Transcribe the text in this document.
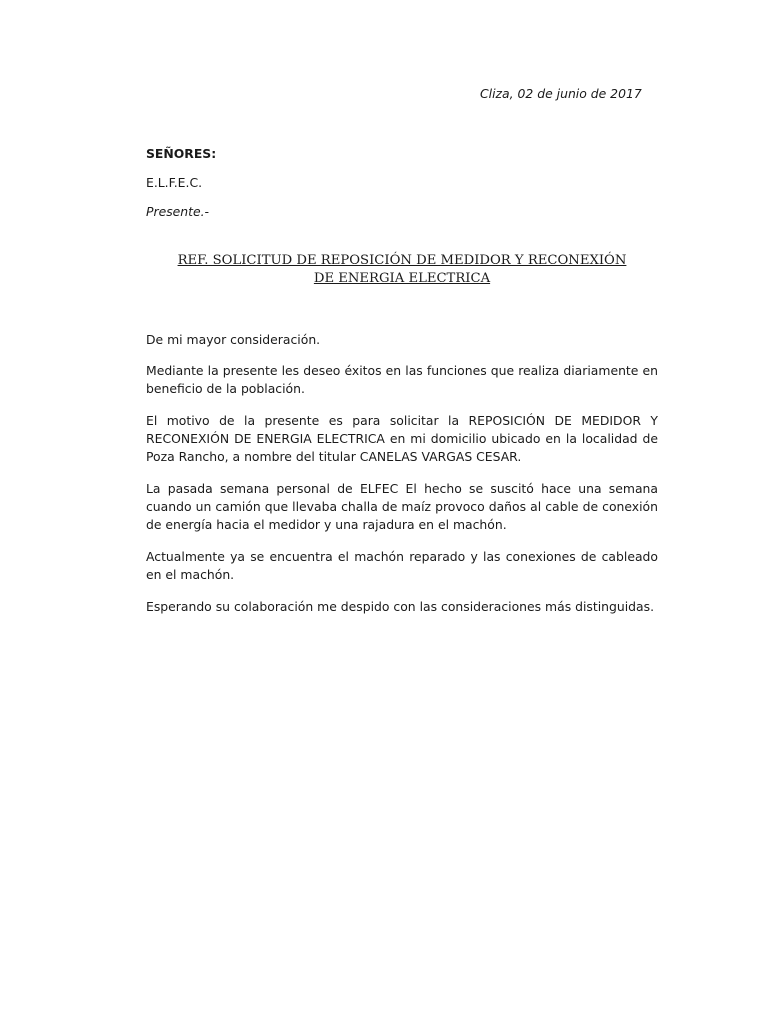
Cliza, 02 de junio de 2017
SEÑORES:
E.L.F.E.C.
Presente.-
REF. SOLICITUD DE REPOSICIÓN DE MEDIDOR Y RECONEXIÓN
DE ENERGIA ELECTRICA

De mi mayor consideración.

Mediante la presente les deseo éxitos en las funciones que realiza diariamente en beneficio de la población.

El motivo de la presente es para solicitar la REPOSICIÓN DE MEDIDOR Y RECONEXIÓN DE ENERGIA ELECTRICA en mi domicilio ubicado en la localidad de Poza Rancho, a nombre del titular CANELAS VARGAS CESAR.

La pasada semana personal de ELFEC El hecho se suscitó hace una semana cuando un camión que llevaba challa de maíz provoco daños al cable de conexión de energía hacia el medidor y una rajadura en el machón.

Actualmente ya se encuentra el machón reparado y las conexiones de cableado en el machón.

Esperando su colaboración me despido con las consideraciones más distinguidas.
